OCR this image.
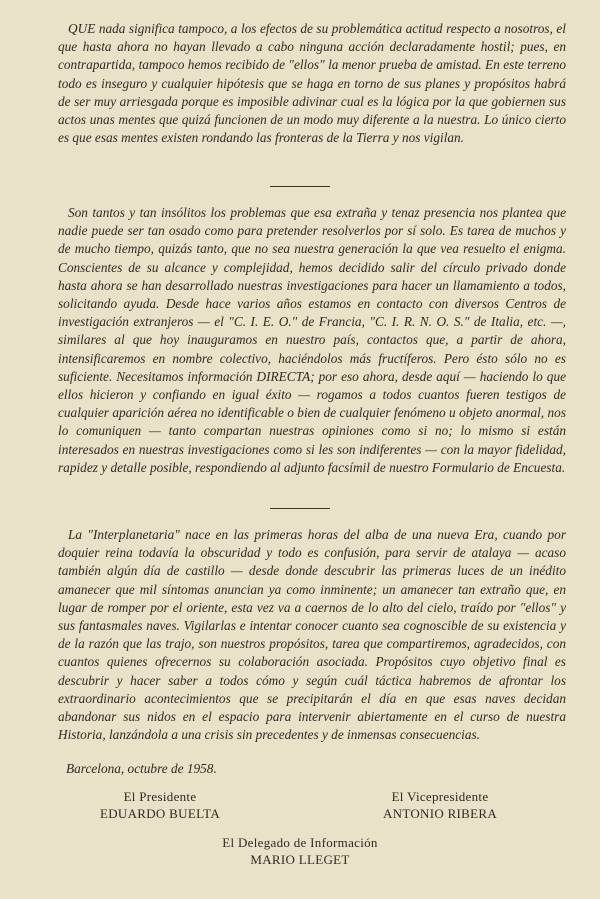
QUE nada significa tampoco, a los efectos de su problemática actitud respecto a nosotros, el que hasta ahora no hayan llevado a cabo ninguna acción declaradamente hostil; pues, en contrapartida, tampoco hemos recibido de "ellos" la menor prueba de amistad. En este terreno todo es inseguro y cualquier hipótesis que se haga en torno de sus planes y propósitos habrá de ser muy arriesgada porque es imposible adivinar cual es la lógica por la que gobiernen sus actos unas mentes que quizá funcionen de un modo muy diferente a la nuestra. Lo único cierto es que esas mentes existen rondando las fronteras de la Tierra y nos vigilan.

Son tantos y tan insólitos los problemas que esa extraña y tenaz presencia nos plantea que nadie puede ser tan osado como para pretender resolverlos por sí solo. Es tarea de muchos y de mucho tiempo, quizás tanto, que no sea nuestra generación la que vea resuelto el enigma. Conscientes de su alcance y complejidad, hemos decidido salir del círculo privado donde hasta ahora se han desarrollado nuestras investigaciones para hacer un llamamiento a todos, solicitando ayuda. Desde hace varios años estamos en contacto con diversos Centros de investigación extranjeros — el "C. I. E. O." de Francia, "C. I. R. N. O. S." de Italia, etc. —, similares al que hoy inauguramos en nuestro país, contactos que, a partir de ahora, intensificaremos en nombre colectivo, haciéndolos más fructíferos. Pero ésto sólo no es suficiente. Necesitamos información DIRECTA; por eso ahora, desde aquí — haciendo lo que ellos hicieron y confiando en igual éxito — rogamos a todos cuantos fueren testigos de cualquier aparición aérea no identificable o bien de cualquier fenómeno u objeto anormal, nos lo comuniquen — tanto compartan nuestras opiniones como si no; lo mismo si están interesados en nuestras investigaciones como si les son indiferentes — con la mayor fidelidad, rapidez y detalle posible, respondiendo al adjunto facsímil de nuestro Formulario de Encuesta.

La "Interplanetaria" nace en las primeras horas del alba de una nueva Era, cuando por doquier reina todavía la obscuridad y todo es confusión, para servir de atalaya — acaso también algún día de castillo — desde donde descubrir las primeras luces de un inédito amanecer que mil síntomas anuncian ya como inminente; un amanecer tan extraño que, en lugar de romper por el oriente, esta vez va a caernos de lo alto del cielo, traído por "ellos" y sus fantasmales naves. Vigilarlas e intentar conocer cuanto sea cognoscible de su existencia y de la razón que las trajo, son nuestros propósitos, tarea que compartiremos, agradecidos, con cuantos quienes ofrecernos su colaboración asociada. Propósitos cuyo objetivo final es descubrir y hacer saber a todos cómo y según cuál táctica habremos de afrontar los extraordinario acontecimientos que se precipitarán el día en que esas naves decidan abandonar sus nidos en el espacio para intervenir abiertamente en el curso de nuestra Historia, lanzándola a una crisis sin precedentes y de inmensas consecuencias.

Barcelona, octubre de 1958.

El Presidente
EDUARDO BUELTA
El Vicepresidente
ANTONIO RIBERA
El Delegado de Información
MARIO LLEGET
